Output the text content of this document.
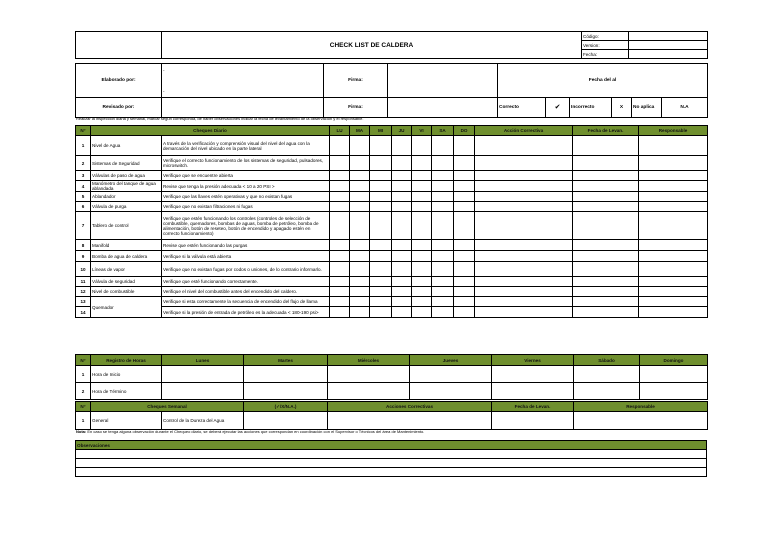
	CHECK LIST DE CALDERA	Código:	
		Version:	
		Fecha:	
Elaborado por:	-
-	Firma:		Fecha del al					
Revisado por:		Firma:		Correcto	✔	Incorrecto	X	No aplica	N.A
Realizar la inspección diaria y semanal, marcar según corresponda, de haber observaciones indicar la fecha de levantamiento de la observación y el responsable.
N°	Cheques Diario		LU	MA	MI	JU	VI	SA	DO	Acción Correctiva	Fecha de Levan.	Responsable
1	Nivel de Agua	A través de la verificación y comprensión visual del nivel del agua con la demarcación del nivel ubicado en la parte lateral										
2	Sistemas de Seguridad	Verifique el correcto funcionamiento de los sistemas de seguridad, pulsadores, microswitch.										
3	Válvulas de paso de agua	Verifique que se encuentre abierta										
4	Manómetro del tanque de agua ablandada	Revise que tenga la presión adecuada < 10 a 20 PSI >										
5	Ablandador	Verifique que las llaves estén operativas y que no existan fugas										
6	Válvula de purga	Verifique que no existan filtraciones ni fugas										
7	Tablero de control	Verifique que estén funcionando los controles (controles de selección de combustible, quemadores, bombas de aguas, bomba de petróleo, bomba de alimentación, botón de reseteo, botón de encendido y apagado estén en correcto funcionamiento)										
8	Manifold	Revise que estén funcionando las purgas										
9	Bomba de agua de caldera	Verifique si la válvula está abierta										
10	Líneas de vapor	Verifique que no existan fugas por codos o uniones, de lo contrario informarlo.										
11	Válvula de seguridad	Verifique que esté funcionando correctamente.										
12	Nivel de combustible	Verifique el nivel del combustible antes del encendido del caldero.										
13	Quemador	Verifique si esta correctamente la secuencia de encendido del flujo de llama										
14		Verifique si la presión de entrada de petróleo es la adecuada < 180-190 psi>										
N°	Registro de Horas	Lunes	Martes	Miércoles	Jueves	Viernes	Sábado	Domingo
1	Hora de Inicio							
2	Hora de Término							
N°	Cheques Semanal		(✓/X/N.A.)	Acciones Correctivas	Fecha de Levan.	Responsable
1	General	Control de la Dureza del Agua				
Nota: En caso se tenga alguna observación durante el Chequeo diario, se deberá ejecutar las acciones que correspondan en coordinación con el Supervisor o Técnicos del área de Mantenimiento.
Observaciones
